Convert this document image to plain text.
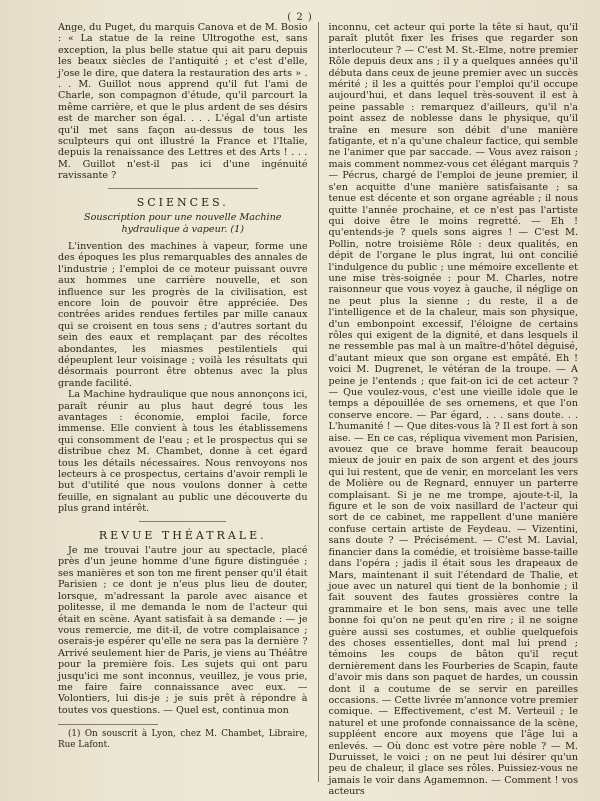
( 2 )

Ange, du Puget, du marquis Canova et de M. Bosio : « La statue de la reine Ultrogothe est, sans exception, la plus belle statue qui ait paru depuis les beaux siècles de l'antiquité ; et c'est d'elle, j'ose le dire, que datera la restauration des arts » . . . M. Guillot nous apprend qu'il fut l'ami de Charle, son compagnon d'étude, qu'il parcourt la même carrière, et que le plus ardent de ses désirs est de marcher son égal. . . . L'égal d'un artiste qu'il met sans façon au-dessus de tous les sculpteurs qui ont illustré la France et l'Italie, depuis la renaissance des Lettres et des Arts ! . . . M. Guillot n'est-il pas ici d'une ingénuité ravissante ?

SCIENCES.
Souscription pour une nouvelle Machine hydraulique à vapeur. (1)

L'invention des machines à vapeur, forme une des époques les plus remarquables des annales de l'industrie ; l'emploi de ce moteur puissant ouvre aux hommes une carrière nouvelle, et son influence sur les progrès de la civilisation, est encore loin de pouvoir être appréciée. Des contrées arides rendues fertiles par mille canaux qui se croisent en tous sens ; d'autres sortant du sein des eaux et remplaçant par des récoltes abondantes, les miasmes pestilentiels qui dépeuplent leur voisinage ; voilà les résultats qui désormais pourront être obtenus avec la plus grande facilité.

La Machine hydraulique que nous annonçons ici, paraît réunir au plus haut degré tous les avantages : économie, emploi facile, force immense. Elle convient à tous les établissemens qui consomment de l'eau ; et le prospectus qui se distribue chez M. Chambet, donne à cet égard tous les détails nécessaires. Nous renvoyons nos lecteurs à ce prospectus, certains d'avoir rempli le but d'utilité que nous voulons donner à cette feuille, en signalant au public une découverte du plus grand intérêt.

REVUE THÉATRALE.

Je me trouvai l'autre jour au spectacle, placé près d'un jeune homme d'une figure distinguée ; ses manières et son ton me firent penser qu'il était Parisien ; ce dont je n'eus plus lieu de douter, lorsque, m'adressant la parole avec aisance et politesse, il me demanda le nom de l'acteur qui était en scène. Ayant satisfait à sa demande : — je vous remercie, me dit-il, de votre complaisance ; oserais-je espérer qu'elle ne sera pas la dernière ? Arrivé seulement hier de Paris, je viens au Théâtre pour la première fois. Les sujets qui ont paru jusqu'ici me sont inconnus, veuillez, je vous prie, me faire faire connaissance avec eux. — Volontiers, lui dis-je ; je suis prêt à répondre à toutes vos questions. — Quel est, continua mon

(1) On souscrit à Lyon, chez M. Chambet, Libraire, Rue Lafont.

inconnu, cet acteur qui porte la tête si haut, qu'il paraît plutôt fixer les frises que regarder son interlocuteur ? — C'est M. St.-Elme, notre premier Rôle depuis deux ans ; il y a quelques années qu'il débuta dans ceux de jeune premier avec un succès mérité ; il les a quittés pour l'emploi qu'il occupe aujourd'hui, et dans lequel très-souvent il est à peine passable : remarquez d'ailleurs, qu'il n'a point assez de noblesse dans le physique, qu'il traîne en mesure son débit d'une manière fatigante, et n'a qu'une chaleur factice, qui semble ne l'animer que par saccade. — Vous avez raison ; mais comment nommez-vous cet élégant marquis ? — Pécrus, chargé de l'emploi de jeune premier, il s'en acquitte d'une manière satisfaisante ; sa tenue est décente et son organe agréable ; il nous quitte l'année prochaine, et ce n'est pas l'artiste qui doive être le moins regretté. — Eh ! qu'entends-je ? quels sons aigres ! — C'est M. Pollin, notre troisième Rôle : deux qualités, en dépit de l'organe le plus ingrat, lui ont concilié l'indulgence du public ; une mémoire excellente et une mise très-soignée : pour M. Charles, notre raisonneur que vous voyez à gauche, il néglige on ne peut plus la sienne ; du reste, il a de l'intelligence et de la chaleur, mais son physique, d'un embonpoint excessif, l'éloigne de certains rôles qui exigent de la dignité, et dans lesquels il ne ressemble pas mal à un maître-d'hôtel déguisé, d'autant mieux que son organe est empâté. Eh ! voici M. Dugrenet, le vétéran de la troupe. — A peine je l'entends ; que fait-on ici de cet acteur ? — Que voulez-vous, c'est une vieille idole que le temps a dépouillée de ses ornemens, et que l'on conserve encore. — Par égard, . . . sans doute. . . L'humanité ! — Que dites-vous là ? Il est fort à son aise. — En ce cas, répliqua vivement mon Parisien, avouez que ce brave homme ferait beaucoup mieux de jouir en paix de son argent et des jours qui lui restent, que de venir, en morcelant les vers de Molière ou de Regnard, ennuyer un parterre complaisant. Si je ne me trompe, ajoute-t-il, la figure et le son de voix nasillard de l'acteur qui sort de ce cabinet, me rappellent d'une manière confuse certain artiste de Feydeau. — Vizentini, sans doute ? — Précisément. — C'est M. Lavial, financier dans la comédie, et troisième basse-taille dans l'opéra ; jadis il était sous les drapeaux de Mars, maintenant il suit l'étendard de Thalie, et joue avec un naturel qui tient de la bonhomie ; il fait souvent des fautes grossières contre la grammaire et le bon sens, mais avec une telle bonne foi qu'on ne peut qu'en rire ; il ne soigne guère aussi ses costumes, et oublie quelquefois des choses essentielles, dont mal lui prend ; témoins les coups de bâton qu'il reçut dernièrement dans les Fourberies de Scapin, faute d'avoir mis dans son paquet de hardes, un coussin dont il a coutume de se servir en pareilles occasions. — Cette livrée m'annonce votre premier comique. — Effectivement, c'est M. Verteuil ; le naturel et une profonde connaissance de la scène, suppléent encore aux moyens que l'âge lui a enlevés. — Où donc est votre père noble ? — M. Duruisset, le voici ; on ne peut lui désirer qu'un peu de chaleur, il glace ses rôles. Puissiez-vous ne jamais le voir dans Agamemnon. — Comment ! vos acteurs
